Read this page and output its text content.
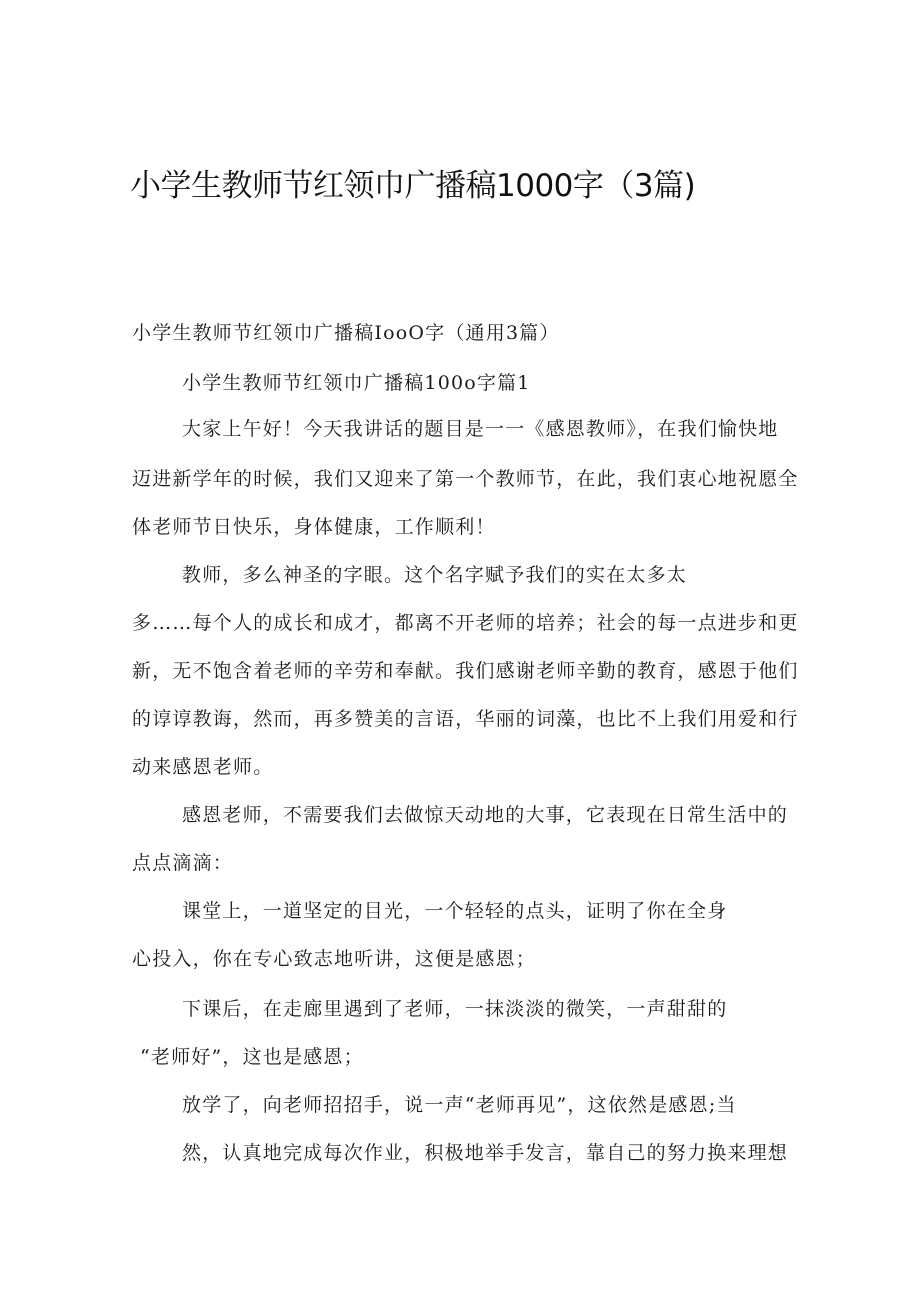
小学生教师节红领巾广播稿1000字（3篇)

小学生教师节红领巾广播稿IooO字（通用3篇）

小学生教师节红领巾广播稿100o字篇1

大家上午好！今天我讲话的题目是一一《感恩教师》，在我们愉快地

迈进新学年的时候，我们又迎来了第一个教师节，在此，我们衷心地祝愿全

体老师节日快乐，身体健康，工作顺利！

教师，多么神圣的字眼。这个名字赋予我们的实在太多太

多……每个人的成长和成才，都离不开老师的培养；社会的每一点进步和更

新，无不饱含着老师的辛劳和奉献。我们感谢老师辛勤的教育，感恩于他们

的谆谆教诲，然而，再多赞美的言语，华丽的词藻，也比不上我们用爱和行

动来感恩老师。

感恩老师，不需要我们去做惊天动地的大事，它表现在日常生活中的

点点滴滴：

课堂上，一道坚定的目光，一个轻轻的点头，证明了你在全身

心投入，你在专心致志地听讲，这便是感恩；

下课后，在走廊里遇到了老师，一抹淡淡的微笑，一声甜甜的

“老师好”，这也是感恩；

放学了，向老师招招手，说一声“老师再见”，这依然是感恩;当

然，认真地完成每次作业，积极地举手发言，靠自己的努力换来理想
